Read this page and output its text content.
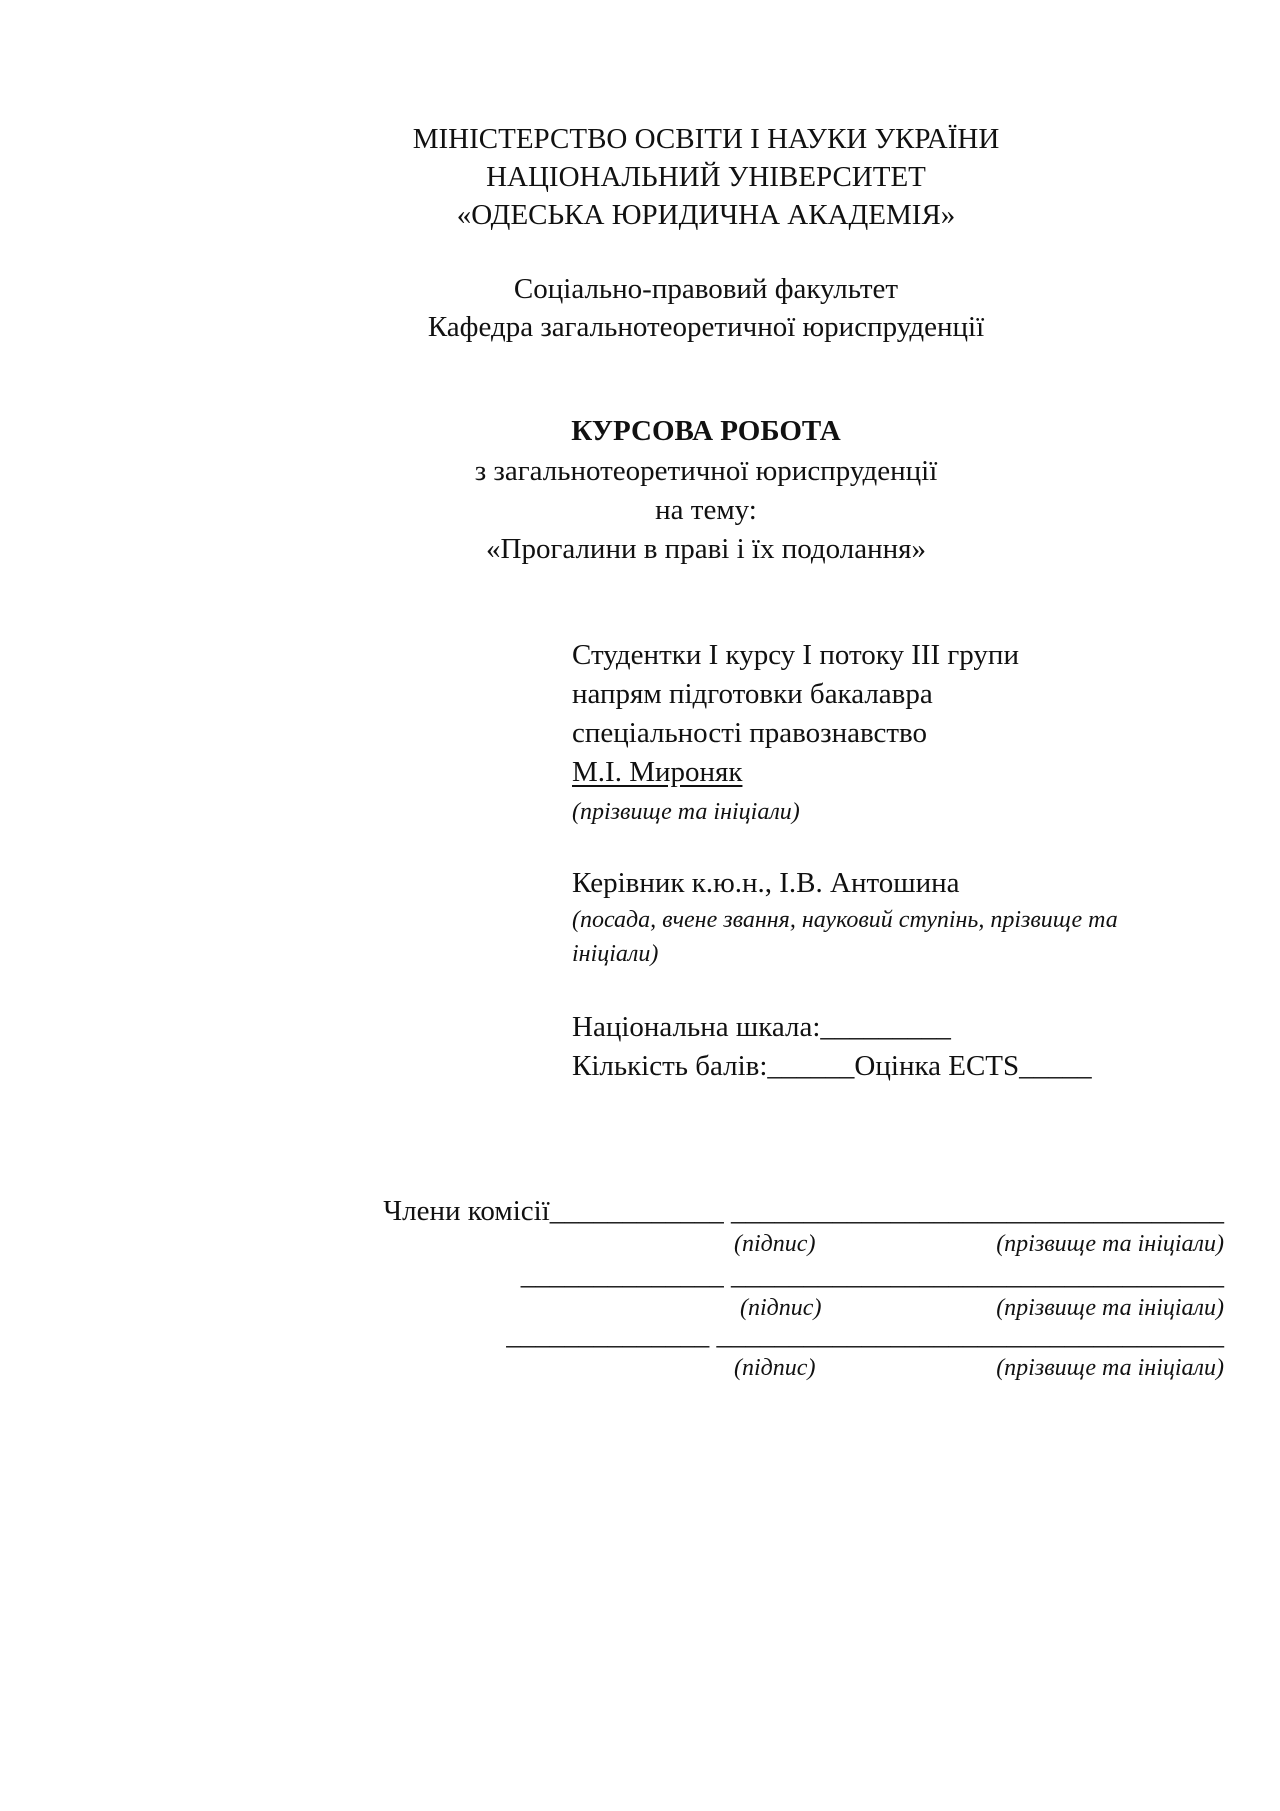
МІНІСТЕРСТВО ОСВІТИ І НАУКИ УКРАЇНИ
НАЦІОНАЛЬНИЙ УНІВЕРСИТЕТ
«ОДЕСЬКА ЮРИДИЧНА АКАДЕМІЯ»
Соціально-правовий факультет
Кафедра загальнотеоретичної юриспруденції
КУРСОВА РОБОТА
з загальнотеоретичної юриспруденції
на тему:
«Прогалини в праві і їх подолання»
Студентки І курсу І потоку ІІІ групи
напрям підготовки бакалавра
спеціальності правознавство
М.І. Мироняк
(прізвище та ініціали)
Керівник к.ю.н., І.В. Антошина
(посада, вчене звання, науковий ступінь, прізвище та
ініціали)
Національна шкала:_________
Кількість балів:______Оцінка ECTS_____
Члени комісії____________ __________________________________
(підпис)	(прізвище та ініціали)
______________ __________________________________
(підпис)	(прізвище та ініціали)
______________ ___________________________________
(підпис)	(прізвище та ініціали)
